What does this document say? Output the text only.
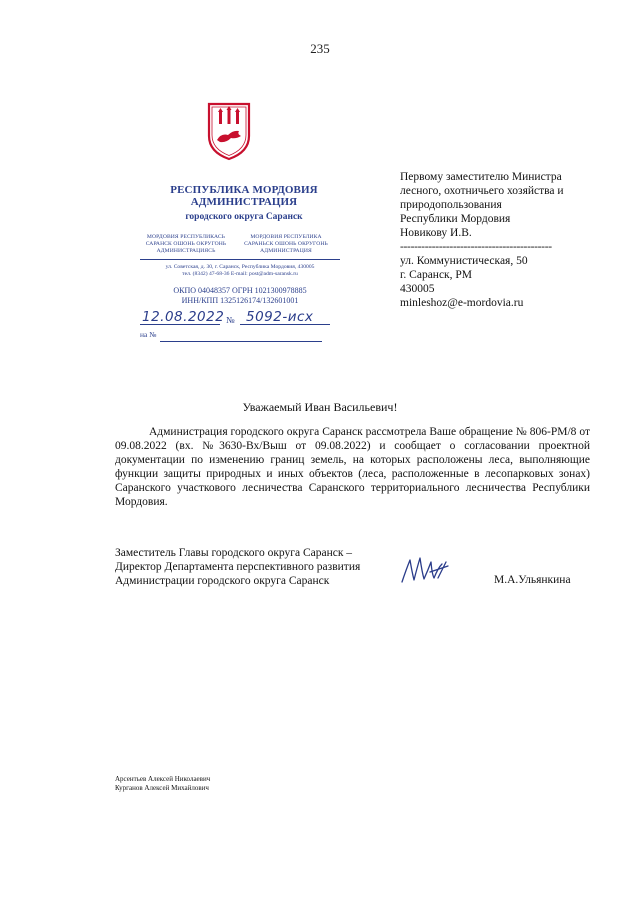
235
РЕСПУБЛИКА МОРДОВИЯ
АДМИНИСТРАЦИЯ
городского округа Саранск
МОРДОВИЯ РЕСПУБЛИКАСЬ
САРАНСК ОШОНЬ ОКРУГОНЬ
АДМИНИСТРАЦИЯСЬ
МОРДОВИЯ РЕСПУБЛИКА
САРАНЬСК ОШОНЬ ОКРУГОНЬ
АДМИНИСТРАЦИЯ
ул. Советская, д. 30, г. Саранск, Республика Мордовия, 430005
тел. (8342) 47-68-36 E-mail: post@adm-saransk.ru
ОКПО 04048357 ОГРН 1021300978885
ИНН/КПП 1325126174/132601001
12.08.2022 № 5092-исх
на №
Первому заместителю Министра
лесного, охотничьего хозяйства и
природопользования
Республики Мордовия
Новикову И.В.
-------------------------------------------
ул. Коммунистическая, 50
г. Саранск, РМ
430005
minleshoz@e-mordovia.ru
Уважаемый Иван Васильевич!

Администрация городского округа Саранск рассмотрела Ваше обращение № 806-РМ/8 от 09.08.2022 (вх. №3630-Вх/Выш от 09.08.2022) и сообщает о согласовании проектной документации по изменению границ земель, на которых расположены леса, выполняющие функции защиты природных и иных объектов (леса, расположенные в лесопарковых зонах) Саранского участкового лесничества Саранского территориального лесничества Республики Мордовия.

Заместитель Главы городского округа Саранск –
Директор Департамента перспективного развития
Администрации городского округа Саранск	М.А.Ульянкина
Арсентьев Алексей Николаевич
Курганов Алексей Михайлович
